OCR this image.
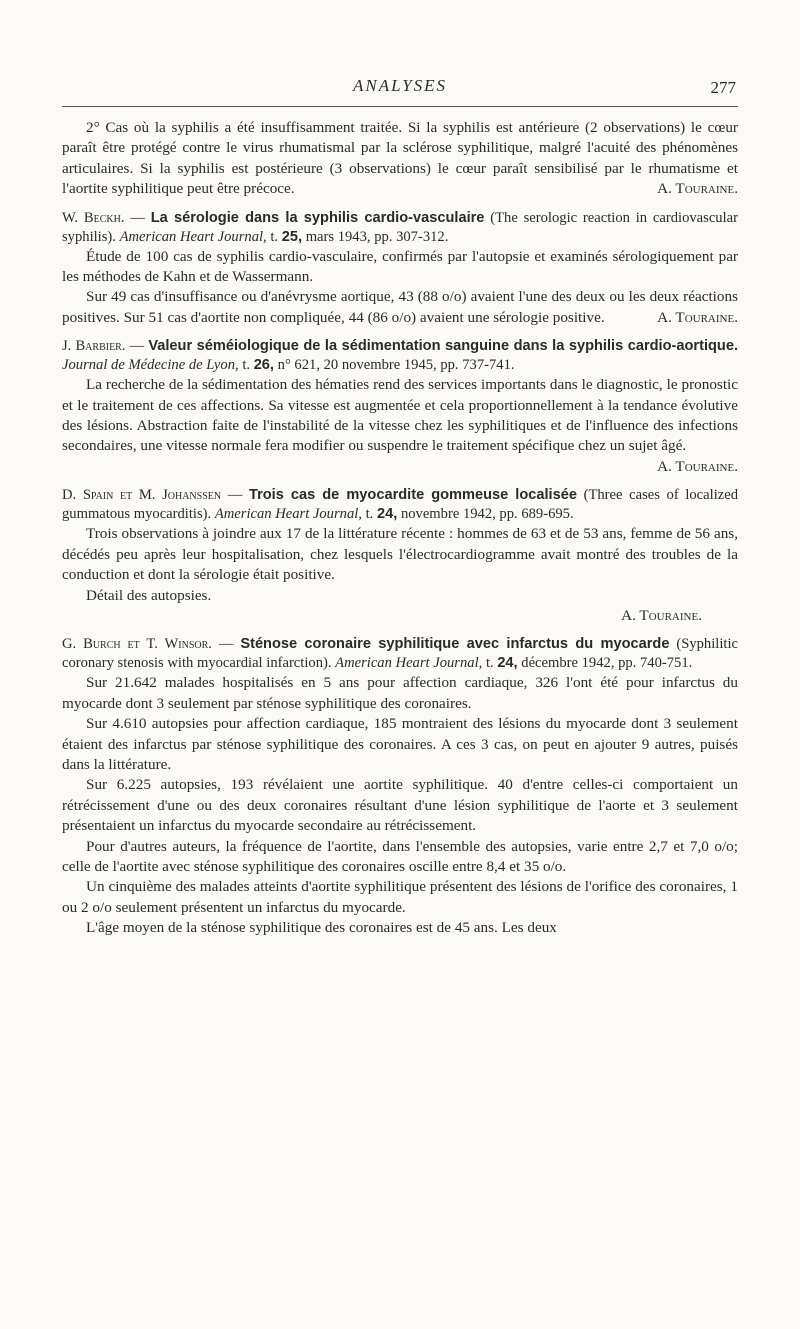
ANALYSES	277

2° Cas où la syphilis a été insuffisamment traitée. Si la syphilis est antérieure (2 observations) le cœur paraît être protégé contre le virus rhumatismal par la sclérose syphilitique, malgré l'acuité des phénomènes articulaires. Si la syphilis est postérieure (3 observations) le cœur paraît sensibilisé par le rhumatisme et l'aortite syphilitique peut être précoce.	A. Touraine.

W. Beckh. — La sérologie dans la syphilis cardio-vasculaire (The serologic reaction in cardiovascular syphilis). American Heart Journal, t. 25, mars 1943, pp. 307-312.

Étude de 100 cas de syphilis cardio-vasculaire, confirmés par l'autopsie et examinés sérologiquement par les méthodes de Kahn et de Wassermann.

Sur 49 cas d'insuffisance ou d'anévrysme aortique, 43 (88 o/o) avaient l'une des deux ou les deux réactions positives. Sur 51 cas d'aortite non compliquée, 44 (86 o/o) avaient une sérologie positive.	A. Touraine.

J. Barbier. — Valeur séméiologique de la sédimentation sanguine dans la syphilis cardio-aortique. Journal de Médecine de Lyon, t. 26, n° 621, 20 novembre 1945, pp. 737-741.

La recherche de la sédimentation des hématies rend des services importants dans le diagnostic, le pronostic et le traitement de ces affections. Sa vitesse est augmentée et cela proportionnellement à la tendance évolutive des lésions. Abstraction faite de l'instabilité de la vitesse chez les syphilitiques et de l'influence des infections secondaires, une vitesse normale fera modifier ou suspendre le traitement spécifique chez un sujet âgé.
A. Touraine.

D. Spain et M. Johanssen — Trois cas de myocardite gommeuse localisée (Three cases of localized gummatous myocarditis). American Heart Journal, t. 24, novembre 1942, pp. 689-695.

Trois observations à joindre aux 17 de la littérature récente : hommes de 63 et de 53 ans, femme de 56 ans, décédés peu après leur hospitalisation, chez lesquels l'électrocardiogramme avait montré des troubles de la conduction et dont la sérologie était positive.

Détail des autopsies.

A. Touraine.

G. Burch et T. Winsor. — Sténose coronaire syphilitique avec infarctus du myocarde (Syphilitic coronary stenosis with myocardial infarction). American Heart Journal, t. 24, décembre 1942, pp. 740-751.

Sur 21.642 malades hospitalisés en 5 ans pour affection cardiaque, 326 l'ont été pour infarctus du myocarde dont 3 seulement par sténose syphilitique des coronaires.

Sur 4.610 autopsies pour affection cardiaque, 185 montraient des lésions du myocarde dont 3 seulement étaient des infarctus par sténose syphilitique des coronaires. A ces 3 cas, on peut en ajouter 9 autres, puisés dans la littérature.

Sur 6.225 autopsies, 193 révélaient une aortite syphilitique. 40 d'entre celles-ci comportaient un rétrécissement d'une ou des deux coronaires résultant d'une lésion syphilitique de l'aorte et 3 seulement présentaient un infarctus du myocarde secondaire au rétrécissement.

Pour d'autres auteurs, la fréquence de l'aortite, dans l'ensemble des autopsies, varie entre 2,7 et 7,0 o/o; celle de l'aortite avec sténose syphilitique des coronaires oscille entre 8,4 et 35 o/o.

Un cinquième des malades atteints d'aortite syphilitique présentent des lésions de l'orifice des coronaires, 1 ou 2 o/o seulement présentent un infarctus du myocarde.

L'âge moyen de la sténose syphilitique des coronaires est de 45 ans. Les deux
